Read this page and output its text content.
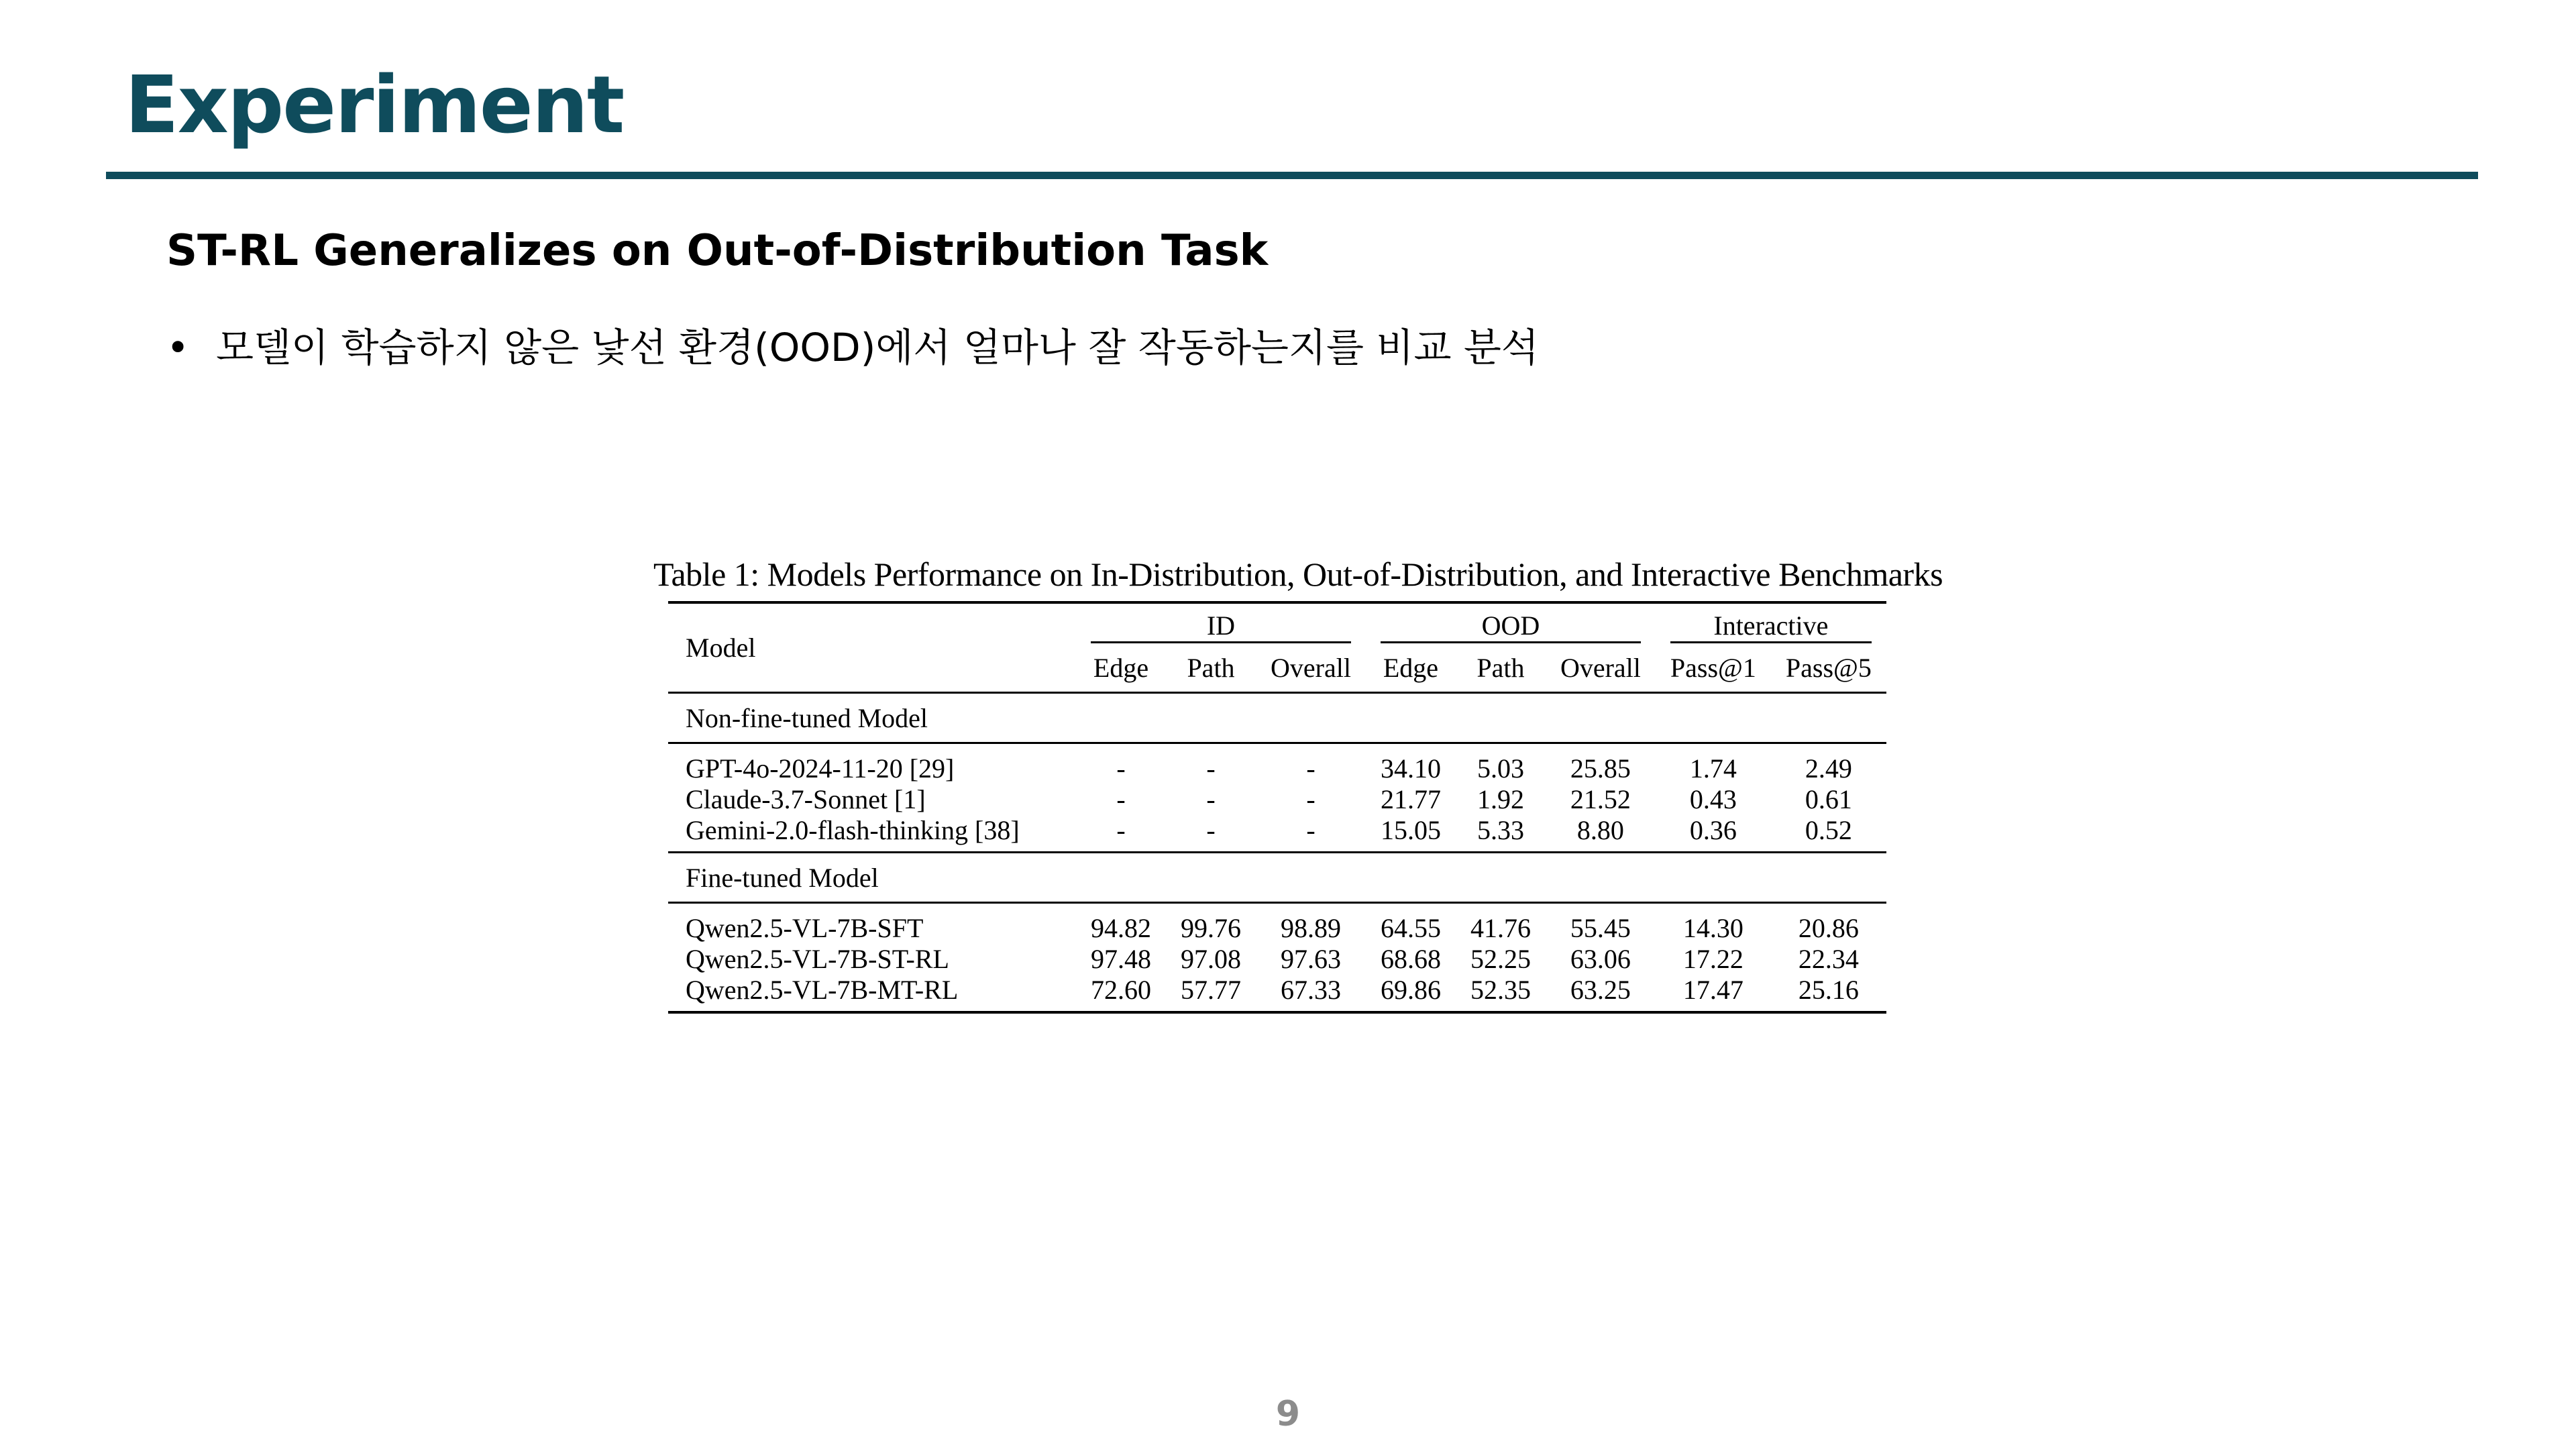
Experiment
ST-RL Generalizes on Out-of-Distribution Task
• 모델이 학습하지 않은 낯선 환경(OOD)에서 얼마나 잘 작동하는지를 비교 분석
Table 1: Models Performance on In-Distribution, Out-of-Distribution, and Interactive Benchmarks
Model	ID			OOD			Interactive	

	Edge	Path	Overall	Edge	Path	Overall	Pass@1	Pass@5
Non-fine-tuned Model								
GPT-4o-2024-11-20 [29]	-	-	-	34.10	5.03	25.85	1.74	2.49
Claude-3.7-Sonnet [1]	-	-	-	21.77	1.92	21.52	0.43	0.61
Gemini-2.0-flash-thinking [38]	-	-	-	15.05	5.33	8.80	0.36	0.52
Fine-tuned Model								
Qwen2.5-VL-7B-SFT	94.82	99.76	98.89	64.55	41.76	55.45	14.30	20.86
Qwen2.5-VL-7B-ST-RL	97.48	97.08	97.63	68.68	52.25	63.06	17.22	22.34
Qwen2.5-VL-7B-MT-RL	72.60	57.77	67.33	69.86	52.35	63.25	17.47	25.16
9
